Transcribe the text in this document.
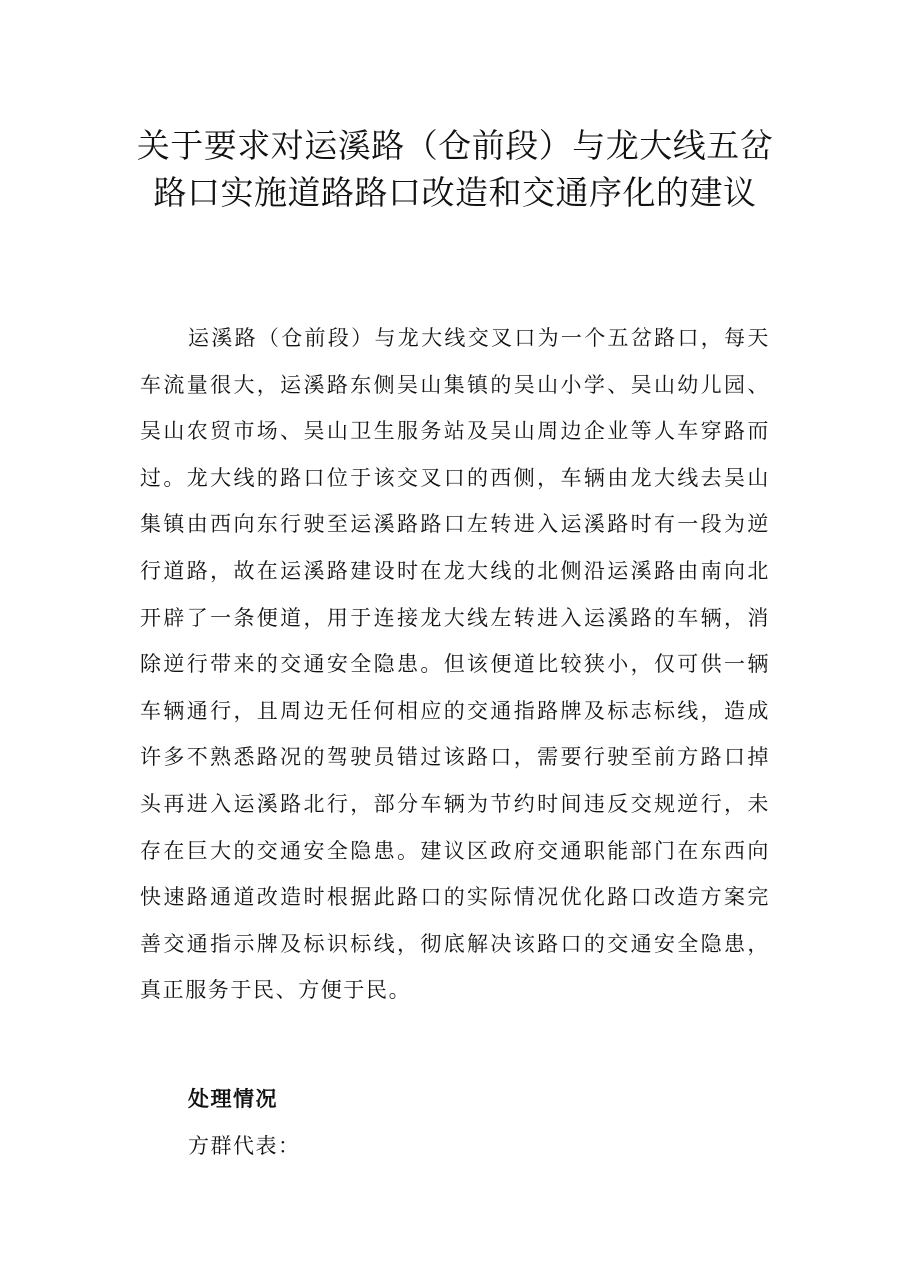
关于要求对运溪路（仓前段）与龙大线五岔路口实施道路路口改造和交通序化的建议

运溪路（仓前段）与龙大线交叉口为一个五岔路口，每天车流量很大，运溪路东侧吴山集镇的吴山小学、吴山幼儿园、吴山农贸市场、吴山卫生服务站及吴山周边企业等人车穿路而过。龙大线的路口位于该交叉口的西侧，车辆由龙大线去吴山集镇由西向东行驶至运溪路路口左转进入运溪路时有一段为逆行道路，故在运溪路建设时在龙大线的北侧沿运溪路由南向北开辟了一条便道，用于连接龙大线左转进入运溪路的车辆，消除逆行带来的交通安全隐患。但该便道比较狭小，仅可供一辆车辆通行，且周边无任何相应的交通指路牌及标志标线，造成许多不熟悉路况的驾驶员错过该路口，需要行驶至前方路口掉头再进入运溪路北行，部分车辆为节约时间违反交规逆行，未存在巨大的交通安全隐患。建议区政府交通职能部门在东西向快速路通道改造时根据此路口的实际情况优化路口改造方案完善交通指示牌及标识标线，彻底解决该路口的交通安全隐患，真正服务于民、方便于民。

处理情况

方群代表：
